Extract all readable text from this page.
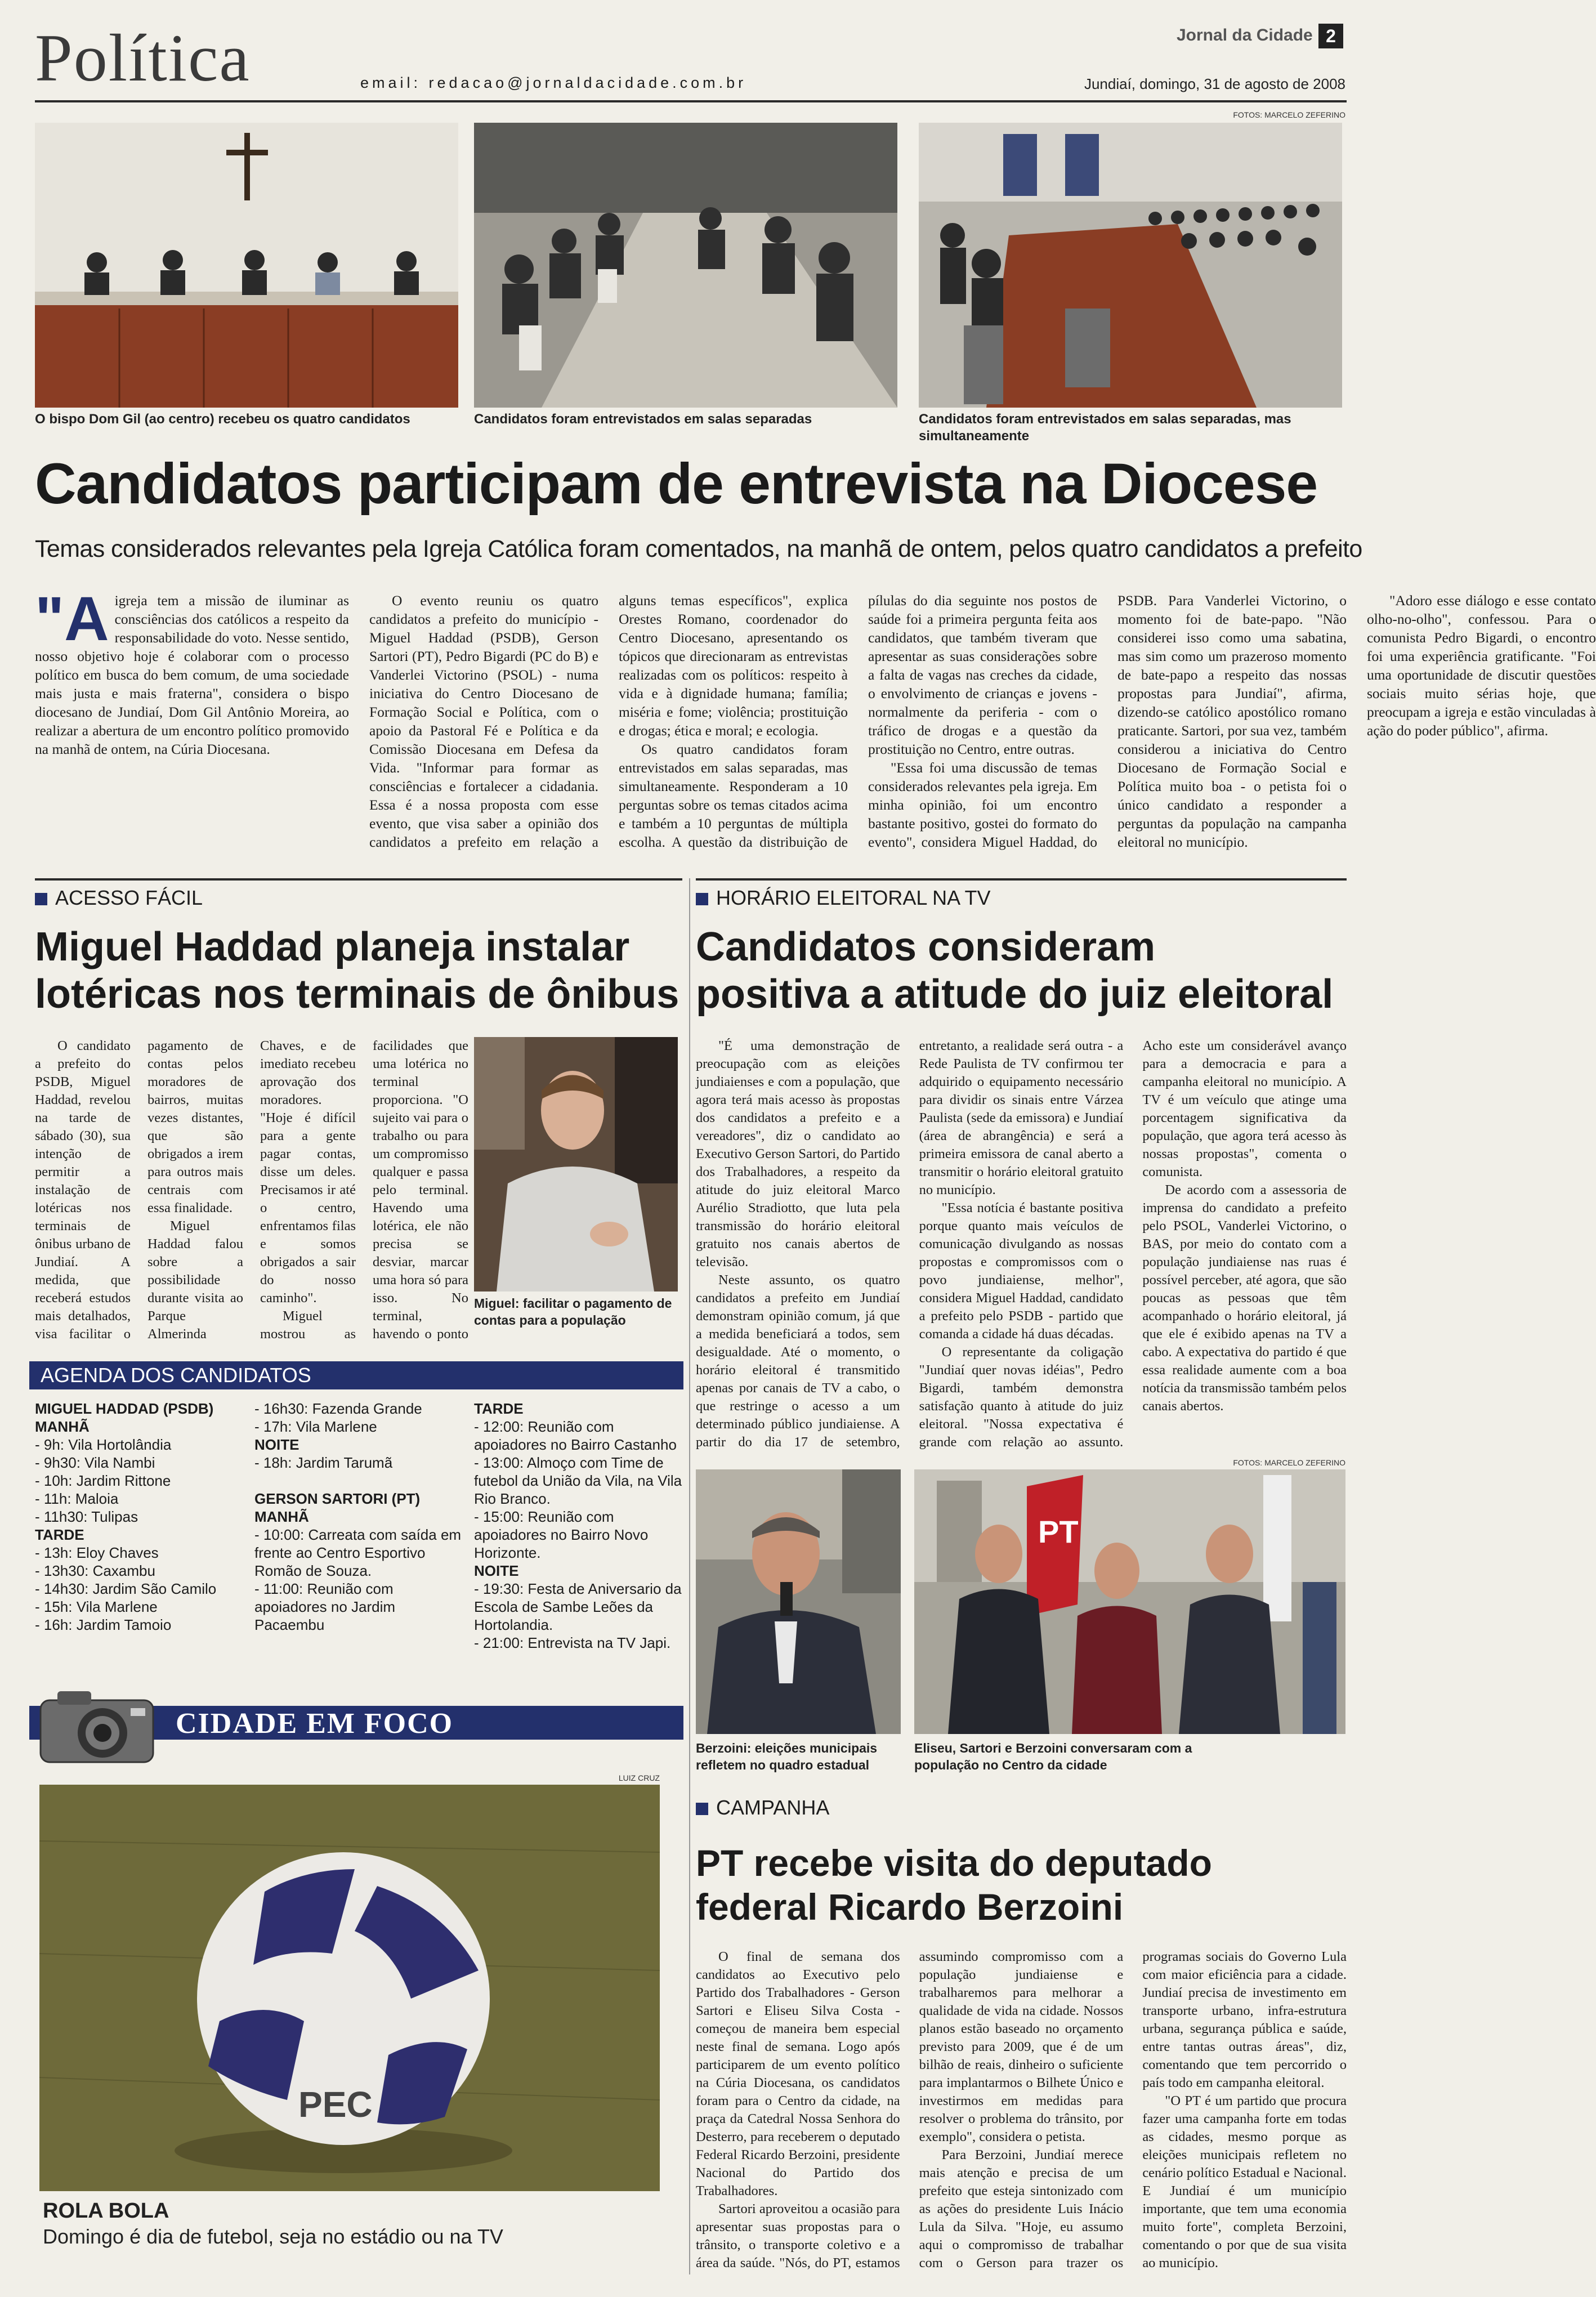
Política	email: redacao@jornaldacidade.com.br
Jornal da Cidade 2
Jundiaí, domingo, 31 de agosto de 2008
FOTOS: MARCELO ZEFERINO
O bispo Dom Gil (ao centro) recebeu os quatro candidatos	Candidatos foram entrevistados em salas separadas	Candidatos foram entrevistados em salas separadas, mas simultaneamente
Candidatos participam de entrevista na Diocese
Temas considerados relevantes pela Igreja Católica foram comentados, na manhã de ontem, pelos quatro candidatos a prefeito

"Aigreja tem a missão de iluminar as consciências dos católicos a respeito da responsabilidade do voto. Nesse sentido, nosso objetivo hoje é colaborar com o processo político em busca do bem comum, de uma sociedade mais justa e mais fraterna", considera o bispo diocesano de Jundiaí, Dom Gil Antônio Moreira, ao realizar a abertura de um encontro político promovido na manhã de ontem, na Cúria Diocesana.

O evento reuniu os quatro candidatos a prefeito do município - Miguel Haddad (PSDB), Gerson Sartori (PT), Pedro Bigardi (PC do B) e Vanderlei Victorino (PSOL) - numa iniciativa do Centro Diocesano de Formação Social e Política, com o apoio da Pastoral Fé e Política e da Comissão Diocesana em Defesa da Vida. "Informar para formar as consciências e fortalecer a cidadania. Essa é a nossa proposta com esse evento, que visa saber a opinião dos candidatos a prefeito em relação a alguns temas específicos", explica Orestes Romano, coordenador do Centro Diocesano, apresentando os tópicos que direcionaram as entrevistas realizadas com os políticos: respeito à vida e à dignidade humana; família; miséria e fome; violência; prostituição e drogas; ética e moral; e ecologia.

Os quatro candidatos foram entrevistados em salas separadas, mas simultaneamente. Responderam a 10 perguntas sobre os temas citados acima e também a 10 perguntas de múltipla escolha. A questão da distribuição de pílulas do dia seguinte nos postos de saúde foi a primeira pergunta feita aos candidatos, que também tiveram que apresentar as suas considerações sobre a falta de vagas nas creches da cidade, o envolvimento de crianças e jovens - normalmente da periferia - com o tráfico de drogas e a questão da prostituição no Centro, entre outras.

"Essa foi uma discussão de temas considerados relevantes pela igreja. Em minha opinião, foi um encontro bastante positivo, gostei do formato do evento", considera Miguel Haddad, do PSDB. Para Vanderlei Victorino, o momento foi de bate-papo. "Não considerei isso como uma sabatina, mas sim como um prazeroso momento de bate-papo a respeito das nossas propostas para Jundiaí", afirma, dizendo-se católico apostólico romano praticante. Sartori, por sua vez, também considerou a iniciativa do Centro Diocesano de Formação Social e Política muito boa - o petista foi o único candidato a responder a perguntas da população na campanha eleitoral no município.

"Adoro esse diálogo e esse contato olho-no-olho", confessou. Para o comunista Pedro Bigardi, o encontro foi uma experiência gratificante. "Foi uma oportunidade de discutir questões sociais muito sérias hoje, que preocupam a igreja e estão vinculadas à ação do poder público", afirma.

ACESSO FÁCIL
Miguel Haddad planeja instalar
lotéricas nos terminais de ônibus

O candidato a prefeito do PSDB, Miguel Haddad, revelou na tarde de sábado (30), sua intenção de permitir a instalação de lotéricas nos terminais de ônibus urbano de Jundiaí. A medida, que receberá estudos mais detalhados, visa facilitar o pagamento de contas pelos moradores de bairros, muitas vezes distantes, que são obrigados a irem para outros mais centrais com essa finalidade.

Miguel Haddad falou sobre a possibilidade durante visita ao Parque Almerinda Chaves, e de imediato recebeu aprovação dos moradores. "Hoje é difícil para a gente pagar contas, disse um deles. Precisamos ir até o centro, enfrentamos filas e somos obrigados a sair do nosso caminho".

Miguel mostrou as facilidades que uma lotérica no terminal proporciona. "O sujeito vai para o trabalho ou para um compromisso qualquer e passa pelo terminal. Havendo uma lotérica, ele não precisa se desviar, marcar uma hora só para isso. No terminal, havendo o ponto

Miguel: facilitar o pagamento de contas para a população
AGENDA DOS CANDIDATOS
MIGUEL HADDAD (PSDB)
MANHÃ
- 9h: Vila Hortolândia
- 9h30: Vila Nambi
- 10h: Jardim Rittone
- 11h: Maloia
- 11h30: Tulipas
TARDE
- 13h: Eloy Chaves
- 13h30: Caxambu
- 14h30: Jardim São Camilo
- 15h: Vila Marlene
- 16h: Jardim Tamoio
- 16h30: Fazenda Grande
- 17h: Vila Marlene
NOITE
- 18h: Jardim Tarumã
GERSON SARTORI (PT)
MANHÃ
- 10:00: Carreata com saída em frente ao Centro Esportivo Romão de Souza.
- 11:00: Reunião com apoiadores no Jardim Pacaembu
TARDE
- 12:00: Reunião com apoiadores no Bairro Castanho
- 13:00: Almoço com Time de futebol da União da Vila, na Vila Rio Branco.
- 15:00: Reunião com apoiadores no Bairro Novo Horizonte.
NOITE
- 19:30: Festa de Aniversario da Escola de Sambe Leões da Hortolandia.
- 21:00: Entrevista na TV Japi.
CIDADE EM FOCO
LUIZ CRUZ
PEC
ROLA BOLA
Domingo é dia de futebol, seja no estádio ou na TV
HORÁRIO ELEITORAL NA TV
Candidatos consideram
positiva a atitude do juiz eleitoral

"É uma demonstração de preocupação com as eleições jundiaienses e com a população, que agora terá mais acesso às propostas dos candidatos a prefeito e a vereadores", diz o candidato ao Executivo Gerson Sartori, do Partido dos Trabalhadores, a respeito da atitude do juiz eleitoral Marco Aurélio Stradiotto, que luta pela transmissão do horário eleitoral gratuito nos canais abertos de televisão.

Neste assunto, os quatro candidatos a prefeito em Jundiaí demonstram opinião comum, já que a medida beneficiará a todos, sem desigualdade. Até o momento, o horário eleitoral é transmitido apenas por canais de TV a cabo, o que restringe o acesso a um determinado público jundiaiense. A partir do dia 17 de setembro, entretanto, a realidade será outra - a Rede Paulista de TV confirmou ter adquirido o equipamento necessário para dividir os sinais entre Várzea Paulista (sede da emissora) e Jundiaí (área de abrangência) e será a primeira emissora de canal aberto a transmitir o horário eleitoral gratuito no município.

"Essa notícia é bastante positiva porque quanto mais veículos de comunicação divulgando as nossas propostas e compromissos com o povo jundiaiense, melhor", considera Miguel Haddad, candidato a prefeito pelo PSDB - partido que comanda a cidade há duas décadas.

O representante da coligação "Jundiaí quer novas idéias", Pedro Bigardi, também demonstra satisfação quanto à atitude do juiz eleitoral. "Nossa expectativa é grande com relação ao assunto. Acho este um considerável avanço para a democracia e para a campanha eleitoral no município. A TV é um veículo que atinge uma porcentagem significativa da população, que agora terá acesso às nossas propostas", comenta o comunista.

De acordo com a assessoria de imprensa do candidato a prefeito pelo PSOL, Vanderlei Victorino, o BAS, por meio do contato com a população jundiaiense nas ruas é possível perceber, até agora, que são poucas as pessoas que têm acompanhado o horário eleitoral, já que ele é exibido apenas na TV a cabo. A expectativa do partido é que essa realidade aumente com a boa notícia da transmissão também pelos canais abertos.

FOTOS: MARCELO ZEFERINO
Berzoini: eleições municipais refletem no quadro estadual
PT
Eliseu, Sartori e Berzoini conversaram com a população no Centro da cidade
CAMPANHA
PT recebe visita do deputado
federal Ricardo Berzoini

O final de semana dos candidatos ao Executivo pelo Partido dos Trabalhadores - Gerson Sartori e Eliseu Silva Costa - começou de maneira bem especial neste final de semana. Logo após participarem de um evento político na Cúria Diocesana, os candidatos foram para o Centro da cidade, na praça da Catedral Nossa Senhora do Desterro, para receberem o deputado Federal Ricardo Berzoini, presidente Nacional do Partido dos Trabalhadores.

Sartori aproveitou a ocasião para apresentar suas propostas para o trânsito, o transporte coletivo e a área da saúde. "Nós, do PT, estamos assumindo compromisso com a população jundiaiense e trabalharemos para melhorar a qualidade de vida na cidade. Nossos planos estão baseado no orçamento previsto para 2009, que é de um bilhão de reais, dinheiro o suficiente para implantarmos o Bilhete Único e investirmos em medidas para resolver o problema do trânsito, por exemplo", considera o petista.

Para Berzoini, Jundiaí merece mais atenção e precisa de um prefeito que esteja sintonizado com as ações do presidente Luis Inácio Lula da Silva. "Hoje, eu assumo aqui o compromisso de trabalhar com o Gerson para trazer os programas sociais do Governo Lula com maior eficiência para a cidade. Jundiaí precisa de investimento em transporte urbano, infra-estrutura urbana, segurança pública e saúde, entre tantas outras áreas", diz, comentando que tem percorrido o país todo em campanha eleitoral.

"O PT é um partido que procura fazer uma campanha forte em todas as cidades, mesmo porque as eleições municipais refletem no cenário político Estadual e Nacional. E Jundiaí é um município importante, que tem uma economia muito forte", completa Berzoini, comentando o por que de sua visita ao município.
